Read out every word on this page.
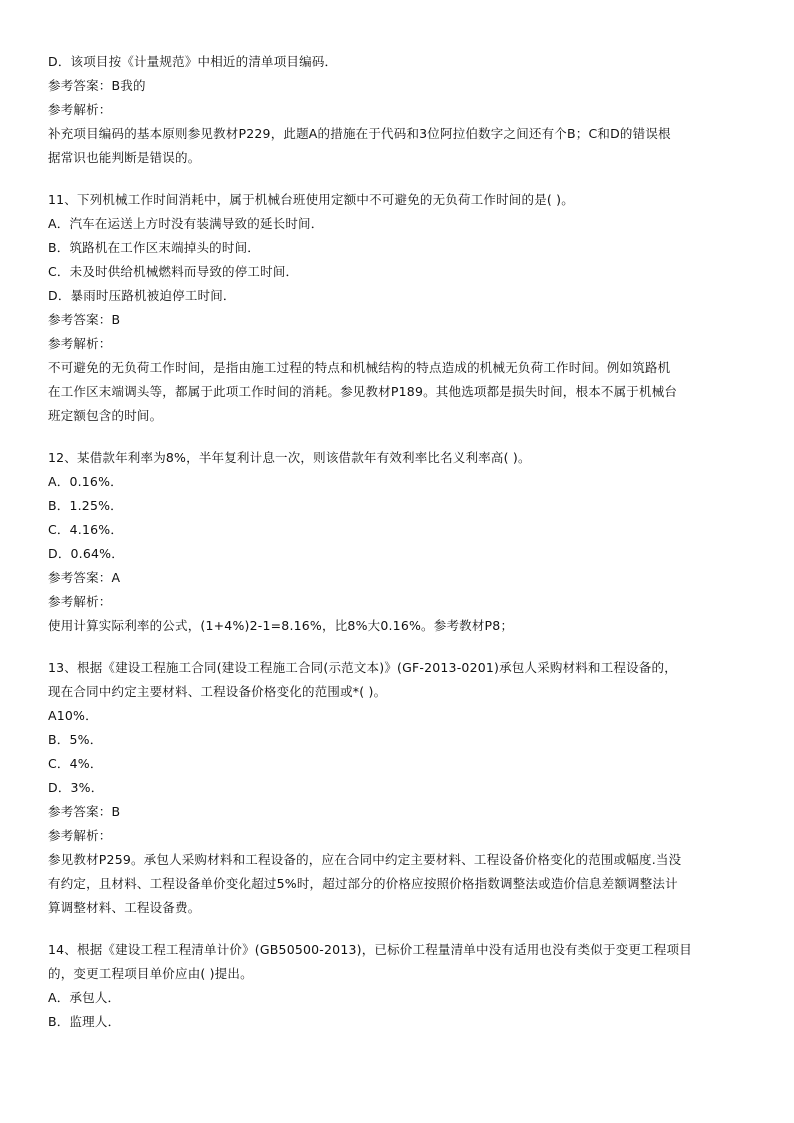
D．该项目按《计量规范》中相近的清单项目编码．
参考答案：B我的
参考解析：
补充项目编码的基本原则参见教材P229，此题A的措施在于代码和3位阿拉伯数字之间还有个B；C和D的错误根
据常识也能判断是错误的。
11、下列机械工作时间消耗中，属于机械台班使用定额中不可避免的无负荷工作时间的是( )。
A．汽车在运送上方时没有装满导致的延长时间．
B．筑路机在工作区末端掉头的时间．
C．未及时供给机械燃料而导致的停工时间．
D．暴雨时压路机被迫停工时间．
参考答案：B
参考解析：
不可避免的无负荷工作时间，是指由施工过程的特点和机械结构的特点造成的机械无负荷工作时间。例如筑路机
在工作区末端调头等，都属于此项工作时间的消耗。参见教材P189。其他选项都是损失时间，根本不属于机械台
班定额包含的时间。
12、某借款年利率为8%，半年复利计息一次，则该借款年有效利率比名义利率高( )。
A．0.16%．
B．1.25%．
C．4.16%．
D．0.64%．
参考答案：A
参考解析：
使用计算实际利率的公式，(1+4%)2-1=8.16%，比8%大0.16%。参考教材P8；
13、根据《建设工程施工合同(建设工程施工合同(示范文本)》(GF-2013-0201)承包人采购材料和工程设备的，
现在合同中约定主要材料、工程设备价格变化的范围或*( )。
A10%．
B．5%．
C．4%．
D．3%．
参考答案：B
参考解析：
参见教材P259。承包人采购材料和工程设备的，应在合同中约定主要材料、工程设备价格变化的范围或幅度.当没
有约定，且材料、工程设备单价变化超过5%时，超过部分的价格应按照价格指数调整法或造价信息差额调整法计
算调整材料、工程设备费。
14、根据《建设工程工程清单计价》(GB50500-2013)，已标价工程量清单中没有适用也没有类似于变更工程项目
的，变更工程项目单价应由( )提出。
A．承包人．
B．监理人．
